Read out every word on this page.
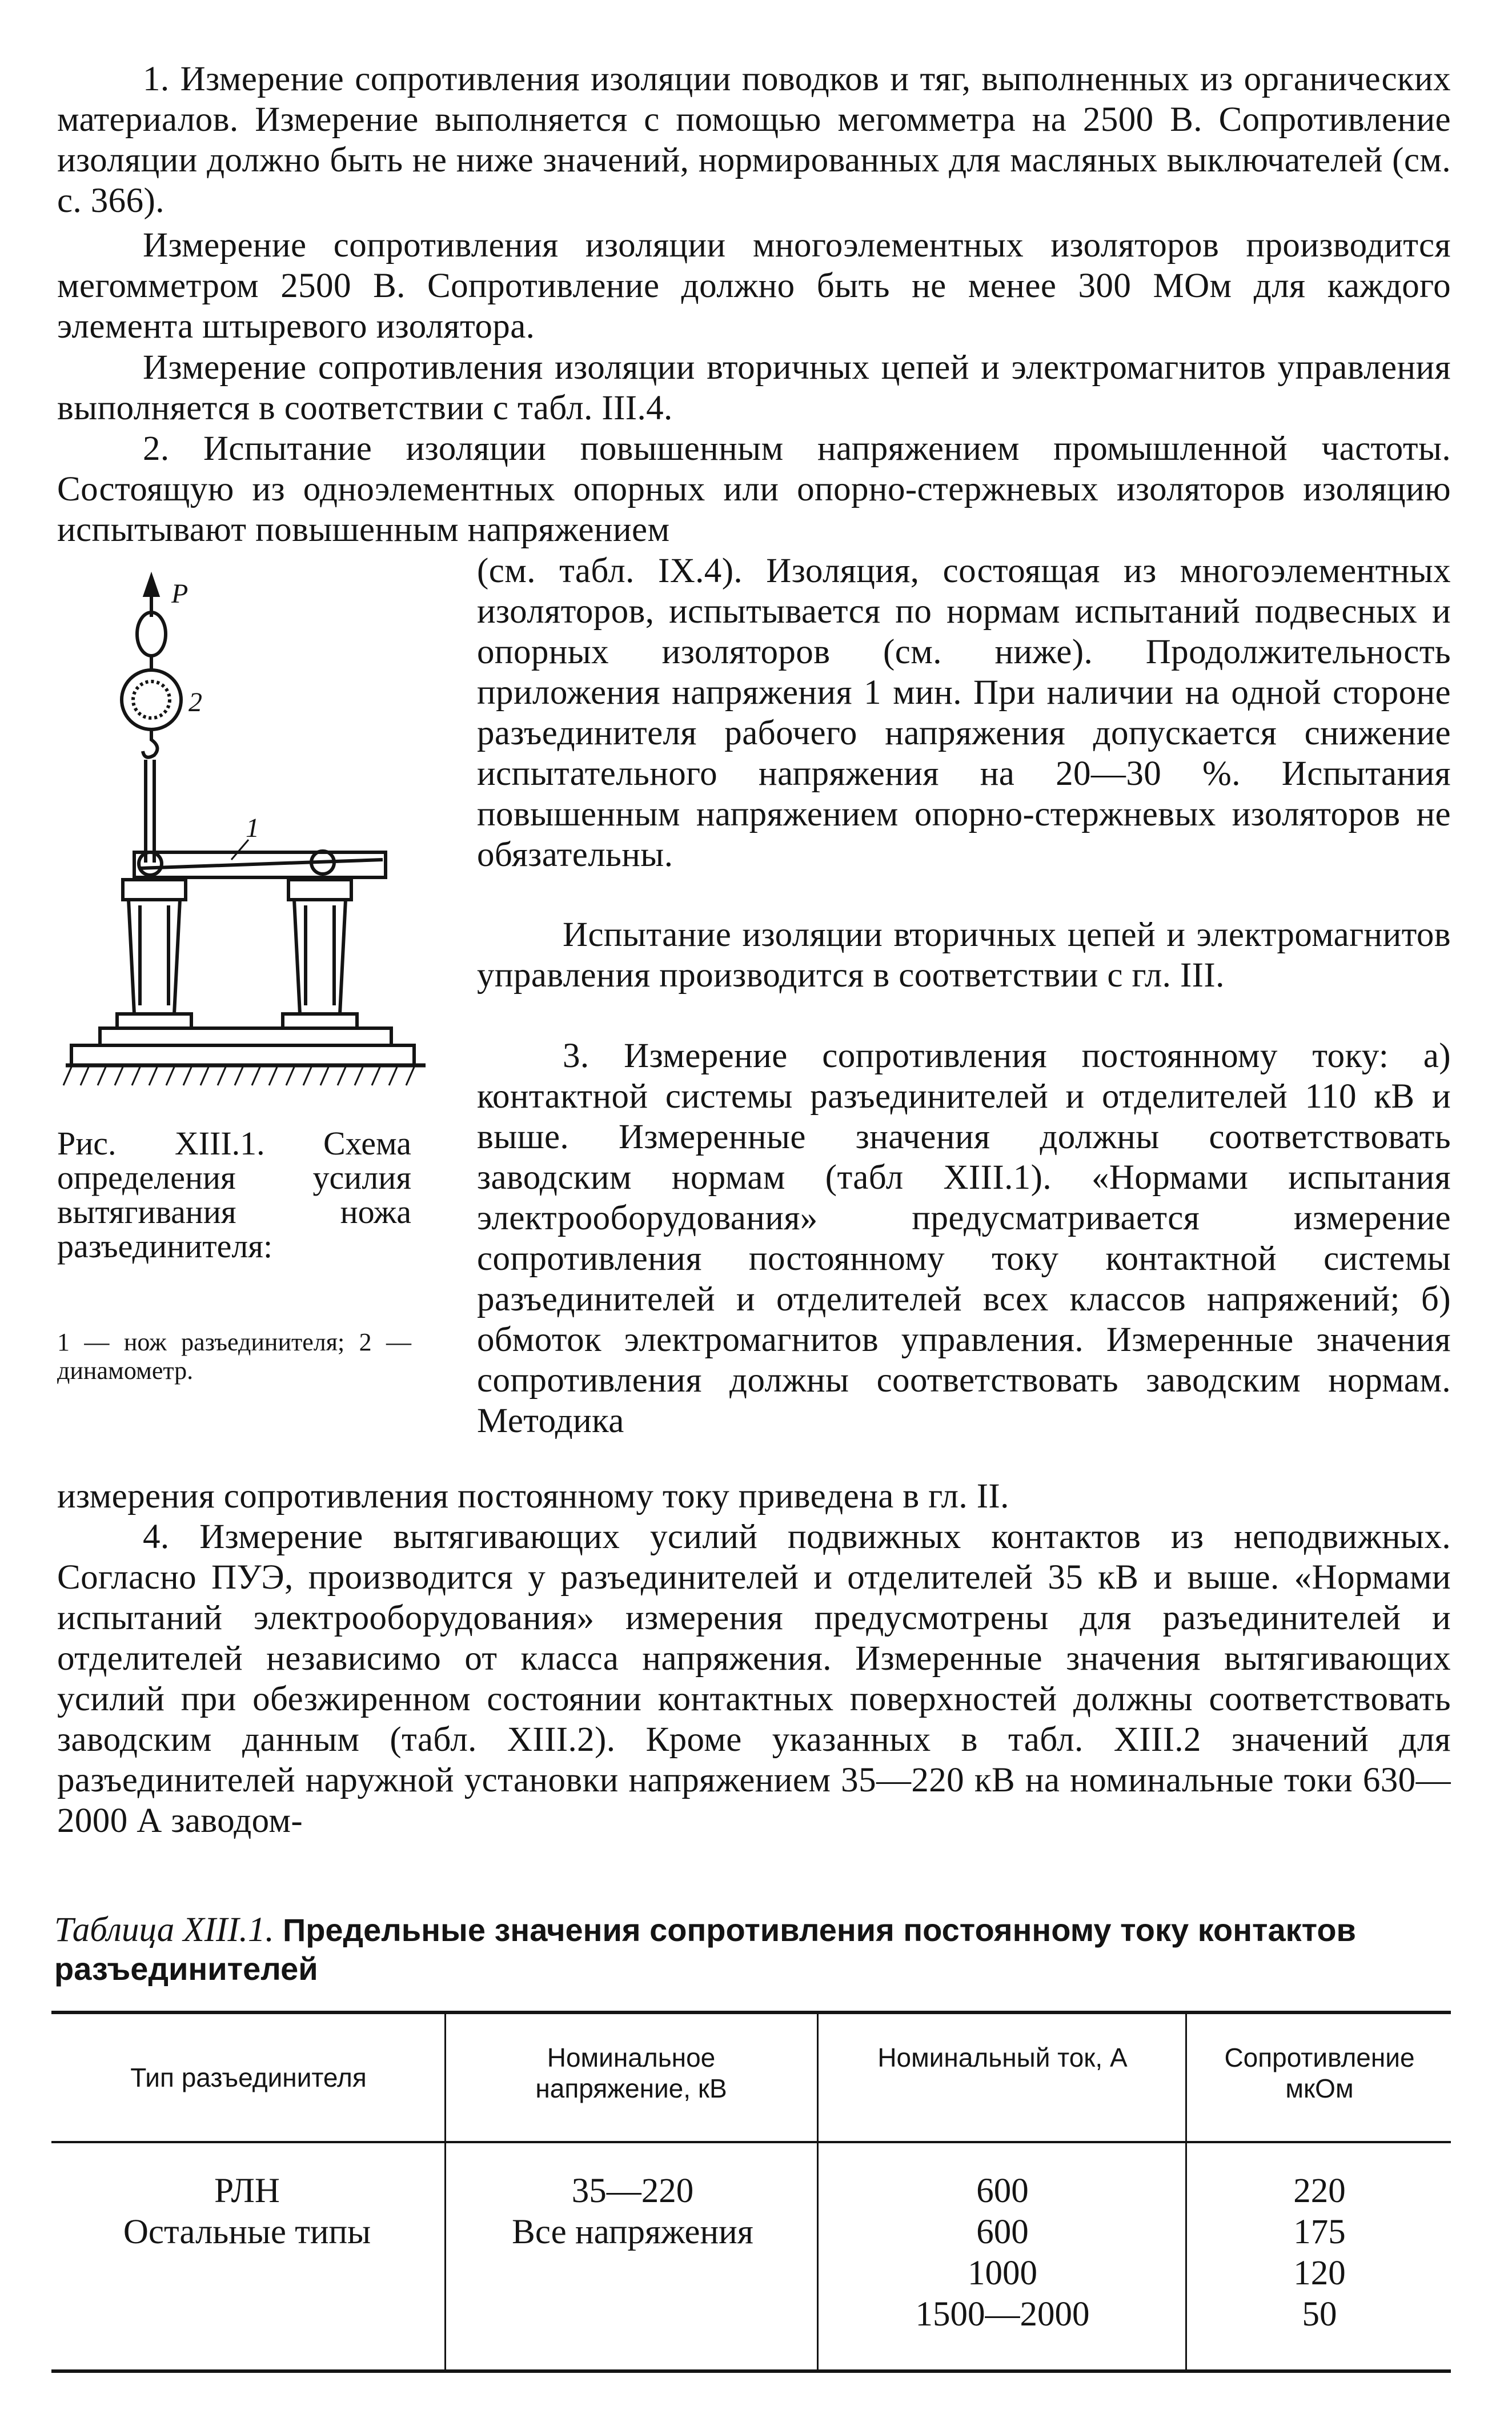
1. Измерение сопротивления изоляции поводков и тяг, выполненных из органических материалов. Измерение выполняется с помощью мегомметра на 2500 В. Сопротивление изоляции должно быть не ниже значений, нормированных для масляных выключателей (см. с. 366).

Измерение сопротивления изоляции многоэлементных изоляторов производится мегомметром 2500 В. Сопротивление должно быть не менее 300 МОм для каждого элемента штыревого изолятора.

Измерение сопротивления изоляции вторичных цепей и электромагнитов управления выполняется в соответствии с табл. III.4.

2. Испытание изоляции повышенным напряжением промышленной частоты. Состоящую из одноэлементных опорных или опорно-стержневых изоляторов изоляцию испытывают повышенным напряжением

(см. табл. IX.4). Изоляция, состоящая из многоэлементных изоляторов, испытывается по нормам испытаний подвесных и опорных изоляторов (см. ниже). Продолжительность приложения напряжения 1 мин. При наличии на одной стороне разъединителя рабочего напряжения допускается снижение испытательного напряжения на 20—30 %. Испытания повышенным напряжением опорно-стержневых изоляторов не обязательны.

Испытание изоляции вторичных цепей и электромагнитов управления производится в соответствии с гл. III.

3. Измерение сопротивления постоянному току: а) контактной системы разъединителей и отделителей 110 кВ и выше. Измеренные значения должны соответствовать заводским нормам (табл XIII.1). «Нормами испытания электрооборудования» предусматривается измерение сопротивления постоянному току контактной системы разъединителей и отделителей всех классов напряжений; б) обмоток электромагнитов управления. Измеренные значения сопротивления должны соответствовать заводским нормам. Методика

измерения сопротивления постоянному току приведена в гл. II.

4. Измерение вытягивающих усилий подвижных контактов из неподвижных. Согласно ПУЭ, производится у разъединителей и отделителей 35 кВ и выше. «Нормами испытаний электрооборудования» измерения предусмотрены для разъединителей и отделителей независимо от класса напряжения. Измеренные значения вытягивающих усилий при обезжиренном состоянии контактных поверхностей должны соответствовать заводским данным (табл. XIII.2). Кроме указанных в табл. XIII.2 значений для разъединителей наружной установки напряжением 35—220 кВ на номинальные токи 630—2000 А заводом-

P
2
1
Рис. XIII.1. Схема определения усилия вытягивания ножа разъединителя:
1 — нож разъединителя; 2 — динамометр.
Таблица XIII.1. Предельные значения сопротивления постоянному току контактов разъединителей
Тип разъединителя
Номинальное напряжение, кВ
Номинальный ток, А	Сопротивление мкОм
РЛН
Остальные типы
35—220
Все напряжения
600
600
1000
1500—2000
220
175
120
50
